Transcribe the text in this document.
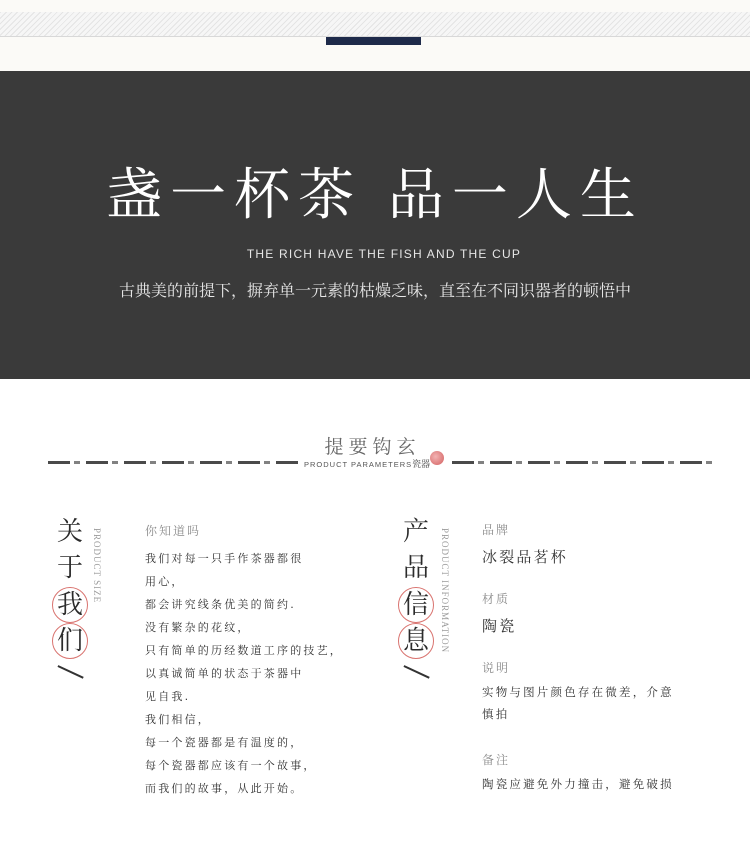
盏一杯茶 品一人生
THE RICH HAVE THE FISH AND THE CUP
古典美的前提下，摒弃单一元素的枯燥乏味，直至在不同识器者的顿悟中
提要钩玄
PRODUCT PARAMETERS瓷器
关
于
我
们
PRODUCT SIZE	你知道吗
我们对每一只手作茶器都很
用心，
都会讲究线条优美的简约.
没有繁杂的花纹，
只有简单的历经数道工序的技艺，
以真诚简单的状态于茶器中
见自我.
我们相信，
每一个瓷器都是有温度的，
每个瓷器都应该有一个故事，
而我们的故事，从此开始。
产
品
信
息	PRODUCT INFORMATION	品牌
冰裂品茗杯
材质
陶瓷
说明
实物与图片颜色存在微差，介意
慎拍
备注
陶瓷应避免外力撞击，避免破损
